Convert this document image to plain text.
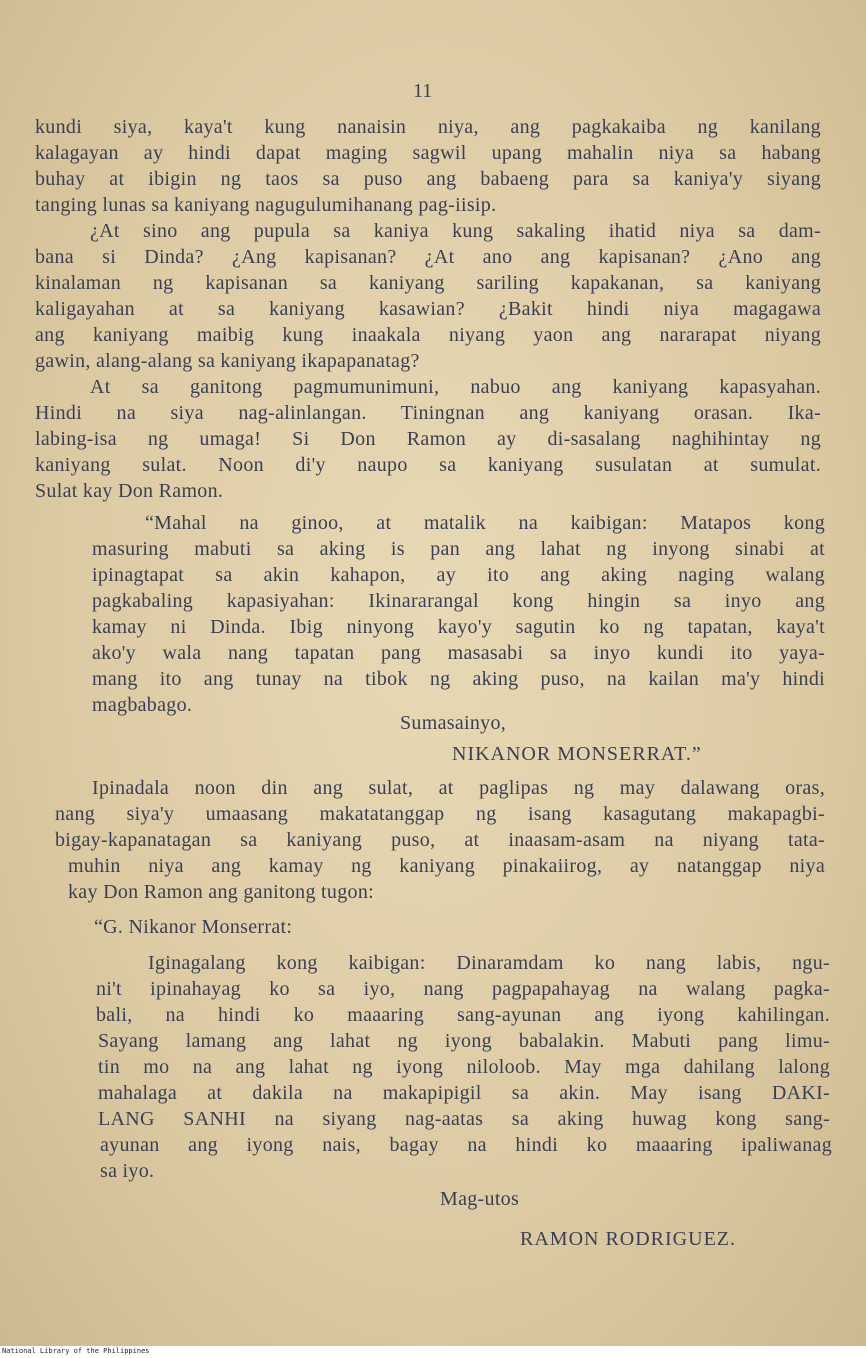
11
kundi siya, kaya't kung nanaisin niya, ang pagkakaiba ng kanilang
kalagayan ay hindi dapat maging sagwil upang mahalin niya sa habang
buhay at ibigin ng taos sa puso ang babaeng para sa kaniya'y siyang
tanging lunas sa kaniyang nagugulumihanang pag-iisip.
¿At sino ang pupula sa kaniya kung sakaling ihatid niya sa dam-
bana si Dinda? ¿Ang kapisanan? ¿At ano ang kapisanan? ¿Ano ang
kinalaman ng kapisanan sa kaniyang sariling kapakanan, sa kaniyang
kaligayahan at sa kaniyang kasawian? ¿Bakit hindi niya magagawa
ang kaniyang maibig kung inaakala niyang yaon ang nararapat niyang
gawin, alang-alang sa kaniyang ikapapanatag?
At sa ganitong pagmumunimuni, nabuo ang kaniyang kapasyahan.
Hindi na siya nag-alinlangan. Tiningnan ang kaniyang orasan. Ika-
labing-isa ng umaga! Si Don Ramon ay di-sasalang naghihintay ng
kaniyang sulat. Noon di'y naupo sa kaniyang susulatan at sumulat.
Sulat kay Don Ramon.
“Mahal na ginoo, at matalik na kaibigan: Matapos kong
masuring mabuti sa aking is pan ang lahat ng inyong sinabi at
ipinagtapat sa akin kahapon, ay ito ang aking naging walang
pagkabaling kapasiyahan: Ikinararangal kong hingin sa inyo ang
kamay ni Dinda. Ibig ninyong kayo'y sagutin ko ng tapatan, kaya't
ako'y wala nang tapatan pang masasabi sa inyo kundi ito yaya-
mang ito ang tunay na tibok ng aking puso, na kailan ma'y hindi
magbabago.
Sumasainyo,
NIKANOR MONSERRAT.”
Ipinadala noon din ang sulat, at paglipas ng may dalawang oras,
nang siya'y umaasang makatatanggap ng isang kasagutang makapagbi-
bigay-kapanatagan sa kaniyang puso, at inaasam-asam na niyang tata-
muhin niya ang kamay ng kaniyang pinakaiirog, ay natanggap niya
kay Don Ramon ang ganitong tugon:
“G. Nikanor Monserrat:
Iginagalang kong kaibigan: Dinaramdam ko nang labis, ngu-
ni't ipinahayag ko sa iyo, nang pagpapahayag na walang pagka-
bali, na hindi ko maaaring sang-ayunan ang iyong kahilingan.
Sayang lamang ang lahat ng iyong babalakin. Mabuti pang limu-
tin mo na ang lahat ng iyong niloloob. May mga dahilang lalong
mahalaga at dakila na makapipigil sa akin. May isang DAKI-
LANG SANHI na siyang nag-aatas sa aking huwag kong sang-
ayunan ang iyong nais, bagay na hindi ko maaaring ipaliwanag
sa iyo.
Mag-utos
RAMON RODRIGUEZ.
National Library of the Philippines
